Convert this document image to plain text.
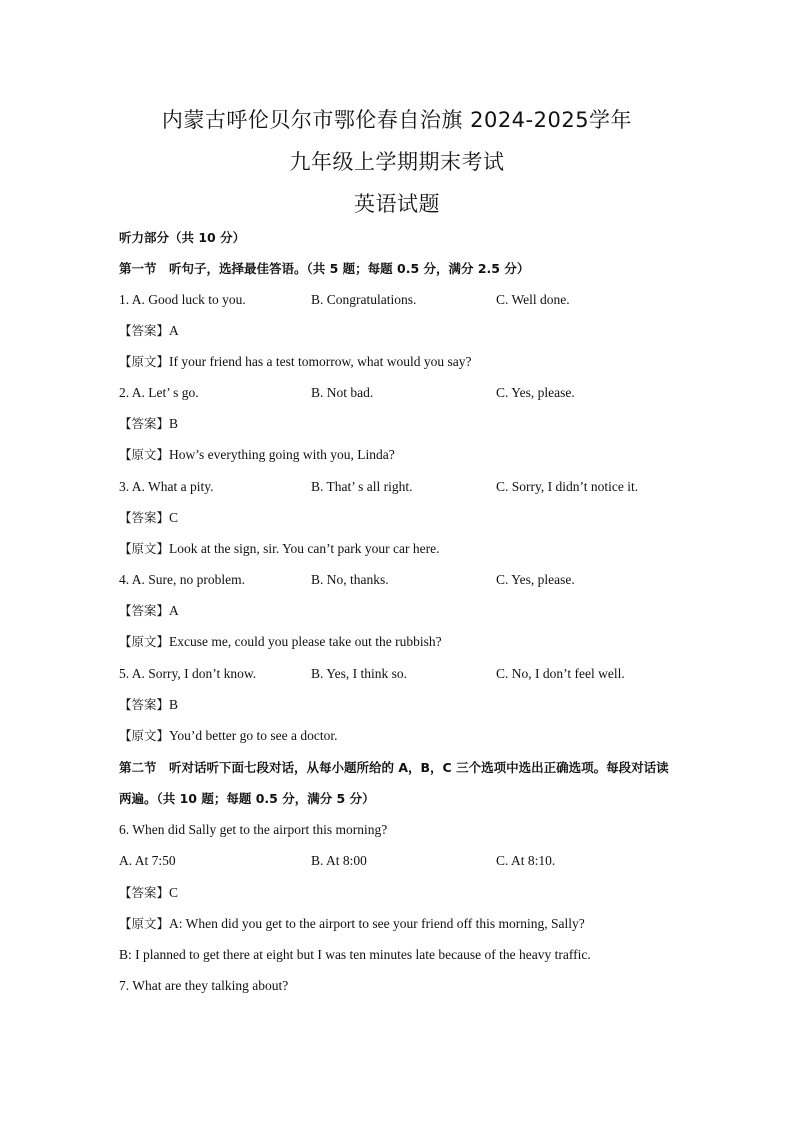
内蒙古呼伦贝尔市鄂伦春自治旗 2024-2025学年
九年级上学期期末考试
英语试题
听力部分（共 10 分）
第一节　听句子，选择最佳答语。（共 5 题；每题 0.5 分，满分 2.5 分）
1. A. Good luck to you.	B. Congratulations.	C. Well done.
【答案】A
【原文】If your friend has a test tomorrow, what would you say?
2. A. Let’ s go.	B. Not bad.	C. Yes, please.
【答案】B
【原文】How’s everything going with you, Linda?
3. A. What a pity.	B. That’ s all right.	C. Sorry, I didn’t notice it.
【答案】C
【原文】Look at the sign, sir. You can’t park your car here.
4. A. Sure, no problem.	B. No, thanks.	C. Yes, please.
【答案】A
【原文】Excuse me, could you please take out the rubbish?
5. A. Sorry, I don’t know.	B. Yes, I think so.	C. No, I don’t feel well.
【答案】B
【原文】You’d better go to see a doctor.
第二节　听对话听下面七段对话，从每小题所给的 A，B，C 三个选项中选出正确选项。每段对话读两遍。（共 10 题；每题 0.5 分，满分 5 分）
6. When did Sally get to the airport this morning?
A. At 7:50	B. At 8:00	C. At 8:10.
【答案】C
【原文】A: When did you get to the airport to see your friend off this morning, Sally?
B: I planned to get there at eight but I was ten minutes late because of the heavy traffic.
7. What are they talking about?
